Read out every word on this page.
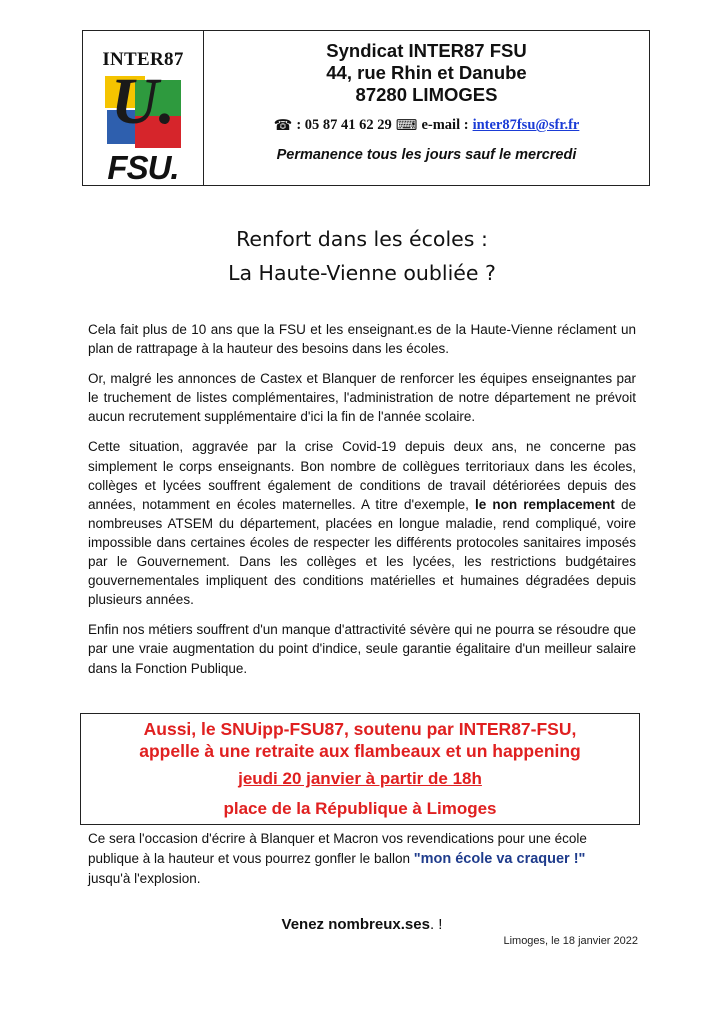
INTER87
U.
FSU.
Syndicat INTER87 FSU
44, rue Rhin et Danube
87280 LIMOGES
☎ : 05 87 41 62 29 ⌨ e-mail : inter87fsu@sfr.fr
Permanence tous les jours sauf le mercredi
Renfort dans les écoles :
La Haute-Vienne oubliée ?

Cela fait plus de 10 ans que la FSU et les enseignant.es de la Haute-Vienne réclament un plan de rattrapage à la hauteur des besoins dans les écoles.

Or, malgré les annonces de Castex et Blanquer de renforcer les équipes enseignantes par le truchement de listes complémentaires, l'administration de notre département ne prévoit aucun recrutement supplémentaire d'ici la fin de l'année scolaire.

Cette situation, aggravée par la crise Covid-19 depuis deux ans, ne concerne pas simplement le corps enseignants. Bon nombre de collègues territoriaux dans les écoles, collèges et lycées souffrent également de conditions de travail détériorées depuis des années, notamment en écoles maternelles. A titre d'exemple, le non remplacement de nombreuses ATSEM du département, placées en longue maladie, rend compliqué, voire impossible dans certaines écoles de respecter les différents protocoles sanitaires imposés par le Gouvernement. Dans les collèges et les lycées, les restrictions budgétaires gouvernementales impliquent des conditions matérielles et humaines dégradées depuis plusieurs années.

Enfin nos métiers souffrent d'un manque d'attractivité sévère qui ne pourra se résoudre que par une vraie augmentation du point d'indice, seule garantie égalitaire d'un meilleur salaire dans la Fonction Publique.

Aussi, le SNUipp-FSU87, soutenu par INTER87-FSU,
appelle à une retraite aux flambeaux et un happening
jeudi 20 janvier à partir de 18h
place de la République à Limoges
Ce sera l'occasion d'écrire à Blanquer et Macron vos revendications pour une école publique à la hauteur et vous pourrez gonfler le ballon "mon école va craquer !"
jusqu'à l'explosion.
Venez nombreux.ses. !
Limoges, le 18 janvier 2022
